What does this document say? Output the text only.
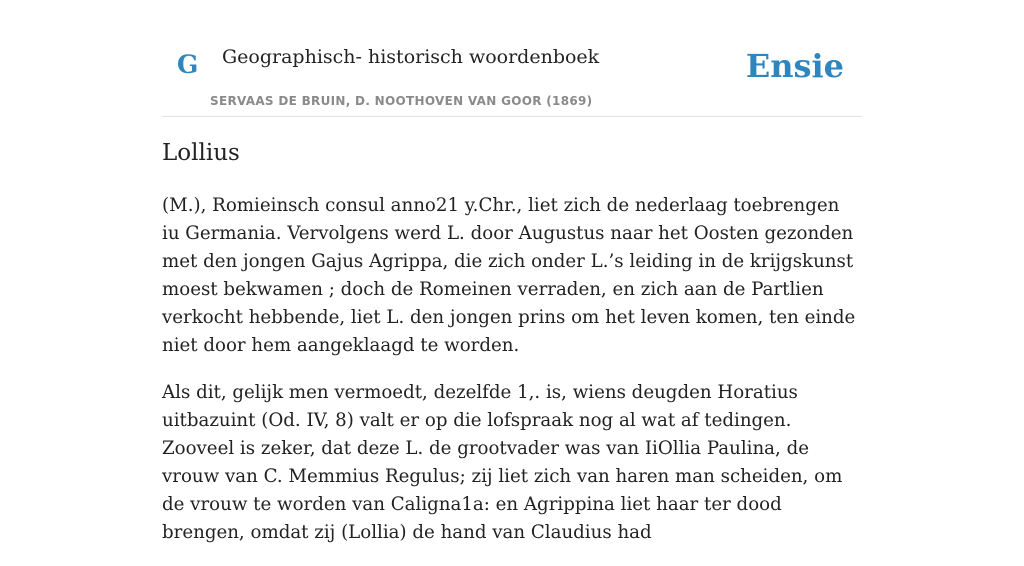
G Geographisch- historisch woordenboek
SERVAAS DE BRUIN, D. NOOTHOVEN VAN GOOR (1869)
Ensie
Lollius

(M.), Romieinsch consul anno21 y.Chr., liet zich de nederlaag toebrengen iu Germania. Vervolgens werd L. door Augustus naar het Oosten gezonden met den jongen Gajus Agrippa, die zich onder L.’s leiding in de krijgskunst moest bekwamen ; doch de Romeinen verraden, en zich aan de Partlien verkocht hebbende, liet L. den jongen prins om het leven komen, ten einde niet door hem aangeklaagd te worden.

Als dit, gelijk men vermoedt, dezelfde 1,. is, wiens deugden Horatius uitbazuint (Od. IV, 8) valt er op die lofspraak nog al wat af tedingen. Zooveel is zeker, dat deze L. de grootvader was van IiOllia Paulina, de vrouw van C. Memmius Regulus; zij liet zich van haren man scheiden, om de vrouw te worden van Caligna1a: en Agrippina liet haar ter dood brengen, omdat zij (Lollia) de hand van Claudius had
